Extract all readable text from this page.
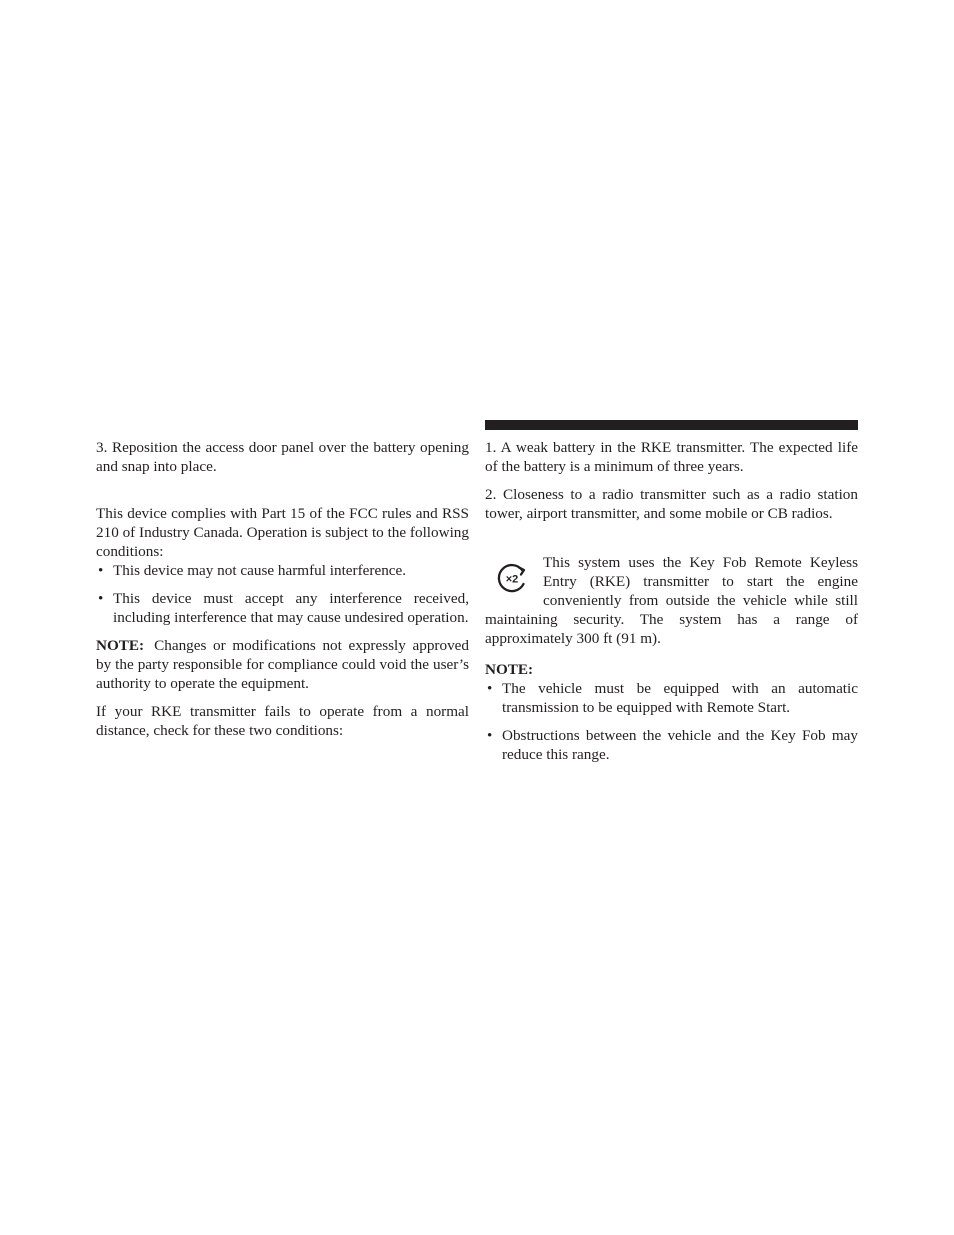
3. Reposition the access door panel over the battery opening and snap into place.

This device complies with Part 15 of the FCC rules and RSS 210 of Industry Canada. Operation is subject to the following conditions:

• This device may not cause harmful interference.
• This device must accept any interference received, including interference that may cause undesired operation.

NOTE: Changes or modifications not expressly approved by the party responsible for compliance could void the user’s authority to operate the equipment.

If your RKE transmitter fails to operate from a normal distance, check for these two conditions:

1. A weak battery in the RKE transmitter. The expected life of the battery is a minimum of three years.

2. Closeness to a radio transmitter such as a radio station tower, airport transmitter, and some mobile or CB radios.

×2

This system uses the Key Fob Remote Keyless Entry (RKE) transmitter to start the engine conveniently from outside the vehicle while still maintaining security. The system has a range of approximately 300 ft (91 m).

NOTE:

• The vehicle must be equipped with an automatic transmission to be equipped with Remote Start.
• Obstructions between the vehicle and the Key Fob may reduce this range.
